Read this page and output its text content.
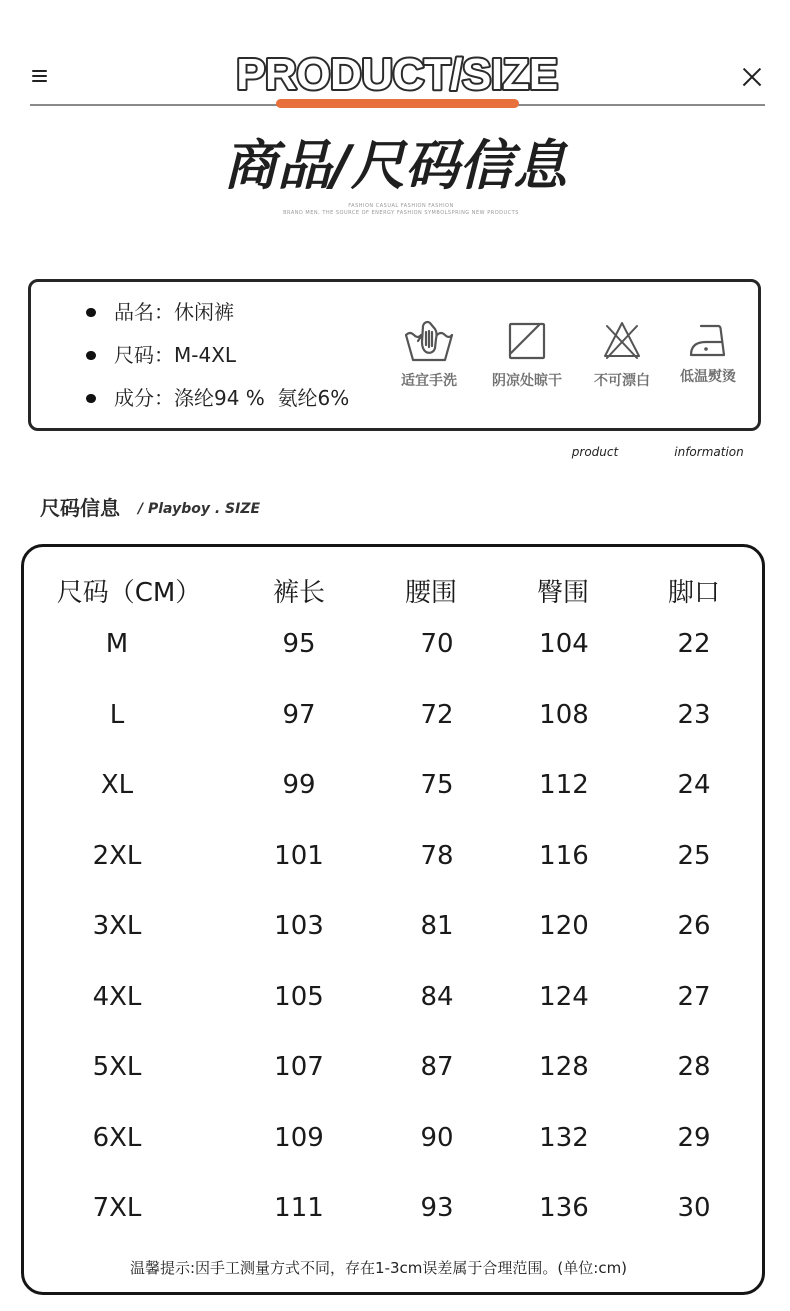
PRODUCT/SIZE
商品/尺码信息
FASHION CASUAL FASHION FASHION
BRAND MEN, THE SOURCE OF ENERGY FASHION SYMBOLSPRING NEW PRODUCTS
品名：休闲裤
尺码：M-4XL
成分：涤纶94 %  氨纶6%
适宜手洗	阴凉处晾干	不可漂白	低温熨烫
product	information
尺码信息 / Playboy . SIZE
尺码（CM）	裤长	腰围	臀围	脚口
M	95	70	104	22
L	97	72	108	23
XL	99	75	112	24
2XL	101	78	116	25
3XL	103	81	120	26
4XL	105	84	124	27
5XL	107	87	128	28
6XL	109	90	132	29
7XL	111	93	136	30
温馨提示:因手工测量方式不同，存在1-3cm误差属于合理范围。(单位:cm)
